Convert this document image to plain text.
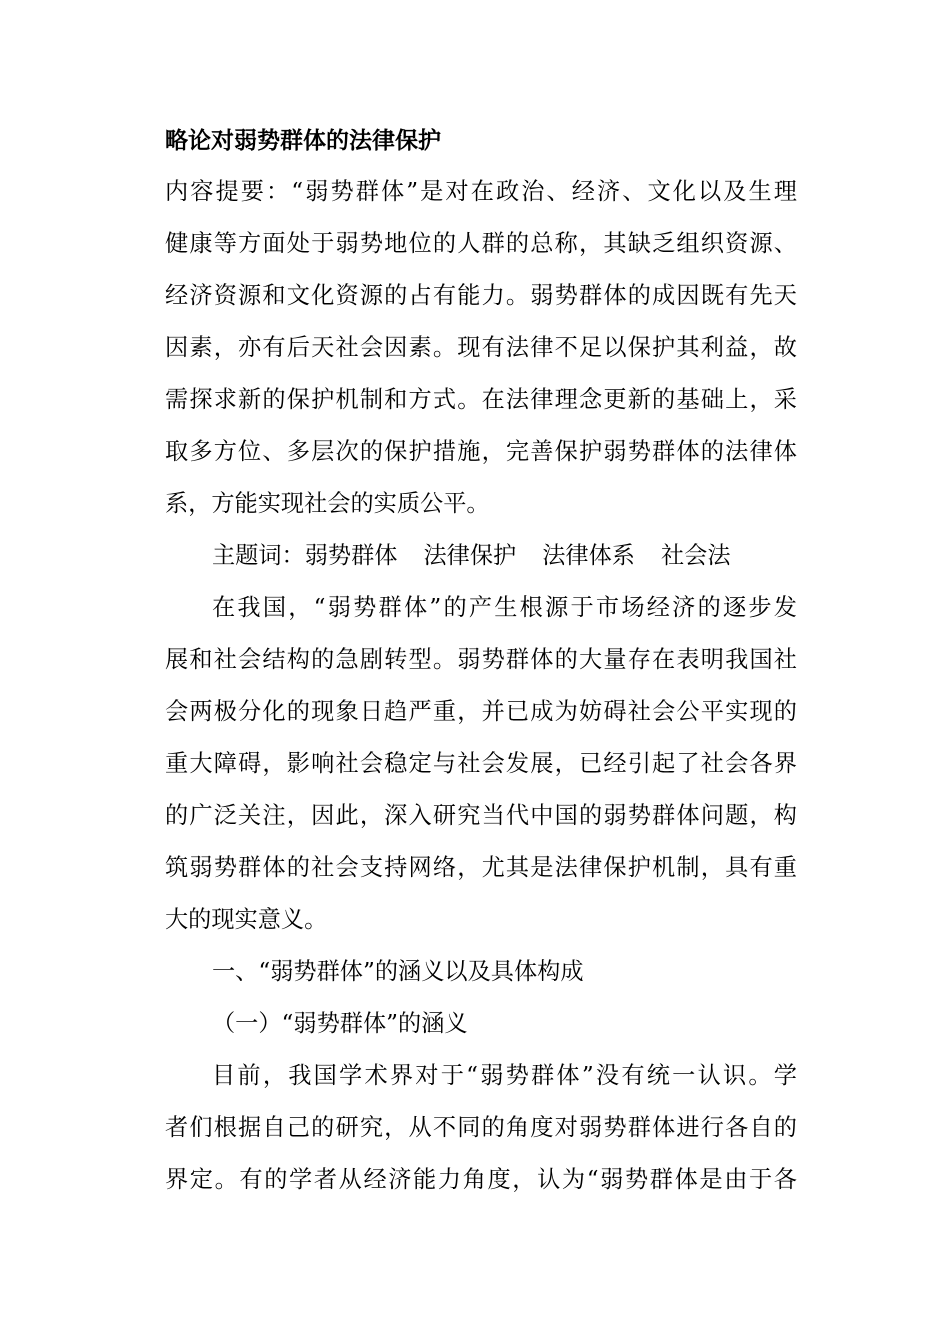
略论对弱势群体的法律保护
内容提要：“弱势群体”是对在政治、经济、文化以及生理
健康等方面处于弱势地位的人群的总称，其缺乏组织资源、
经济资源和文化资源的占有能力。弱势群体的成因既有先天
因素，亦有后天社会因素。现有法律不足以保护其利益，故
需探求新的保护机制和方式。在法律理念更新的基础上，采
取多方位、多层次的保护措施，完善保护弱势群体的法律体
系，方能实现社会的实质公平。
主题词：弱势群体 法律保护 法律体系 社会法
在我国，“弱势群体”的产生根源于市场经济的逐步发
展和社会结构的急剧转型。弱势群体的大量存在表明我国社
会两极分化的现象日趋严重，并已成为妨碍社会公平实现的
重大障碍，影响社会稳定与社会发展，已经引起了社会各界
的广泛关注，因此，深入研究当代中国的弱势群体问题，构
筑弱势群体的社会支持网络，尤其是法律保护机制，具有重
大的现实意义。
一、“弱势群体”的涵义以及具体构成
（一）“弱势群体”的涵义
目前，我国学术界对于“弱势群体”没有统一认识。学
者们根据自己的研究，从不同的角度对弱势群体进行各自的
界定。有的学者从经济能力角度，认为“弱势群体是由于各
